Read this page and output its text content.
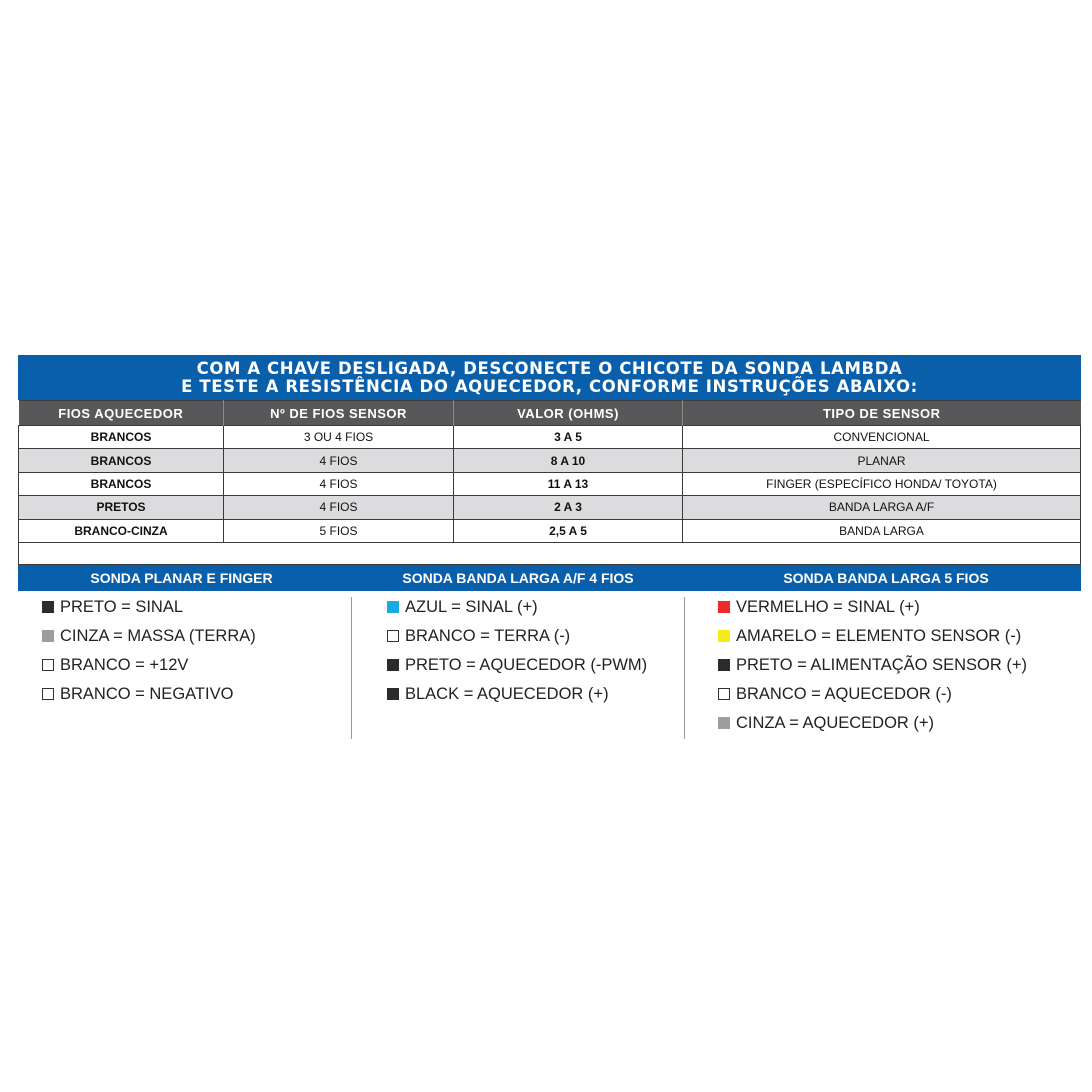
COM A CHAVE DESLIGADA, DESCONECTE O CHICOTE DA SONDA LAMBDA
E TESTE A RESISTÊNCIA DO AQUECEDOR, CONFORME INSTRUÇÕES ABAIXO:
FIOS AQUECEDOR	Nº DE FIOS SENSOR	VALOR (OHMS)	TIPO DE SENSOR
BRANCOS	3 OU 4 FIOS	3 A 5	CONVENCIONAL
BRANCOS	4 FIOS	8 A 10	PLANAR
BRANCOS	4 FIOS	11 A 13	FINGER (ESPECÍFICO HONDA/ TOYOTA)
PRETOS	4 FIOS	2 A 3	BANDA LARGA A/F
BRANCO-CINZA	5 FIOS	2,5 A 5	BANDA LARGA
SONDA PLANAR E FINGER	SONDA BANDA LARGA A/F 4 FIOS	SONDA BANDA LARGA 5 FIOS
PRETO = SINAL
CINZA = MASSA (TERRA)
BRANCO = +12V
BRANCO = NEGATIVO
AZUL = SINAL (+)
BRANCO = TERRA (-)
PRETO = AQUECEDOR (-PWM)
BLACK = AQUECEDOR (+)
VERMELHO = SINAL (+)
AMARELO = ELEMENTO SENSOR (-)
PRETO = ALIMENTAÇÃO SENSOR (+)
BRANCO = AQUECEDOR (-)
CINZA = AQUECEDOR (+)
